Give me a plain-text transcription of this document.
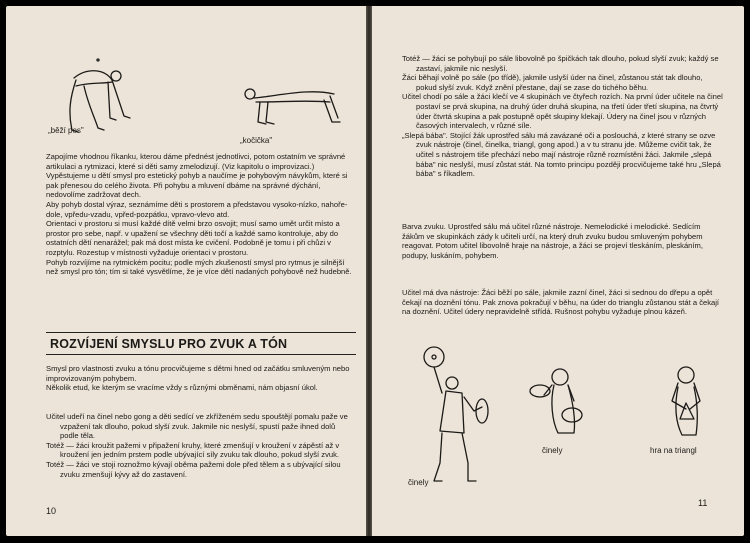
„běží pes"

„kočička"

Zapojíme vhodnou říkanku, kterou dáme přednést jednotlivci, potom ostatním ve správné artikulaci a rytmizaci, které si děti samy zmelodizují. (Viz kapitolu o improvizaci.)

Vypěstujeme u dětí smysl pro estetický pohyb a naučíme je pohybovým návykům, které si pak přenesou do celého života. Při pohybu a mluvení dbáme na správné dýchání, nedovolíme zadržovat dech.

Aby pohyb dostal výraz, seznámíme děti s prostorem a představou vysoko-nízko, nahoře-dole, vpředu-vzadu, vpřed-pozpátku, vpravo-vlevo atd.

Orientaci v prostoru si musí každé dítě velmi brzo osvojit; musí samo umět určit místo a prostor pro sebe, např. v upažení se všechny děti točí a každé samo kontroluje, aby do ostatních dětí nenarážel; pak má dost místa ke cvičení. Podobně je tomu i při chůzi v rozptylu. Rozestup v místnosti vyžaduje orientaci v prostoru.

Pohyb rozvíjíme na rytmickém pocitu; podle mých zkušeností smysl pro rytmus je silnější než smysl pro tón; tím si také vysvětlíme, že je více dětí nadaných pohybově než hudebně.

ROZVÍJENÍ SMYSLU PRO ZVUK A TÓN

Smysl pro vlastnosti zvuku a tónu procvičujeme s dětmi hned od začátku smluveným nebo improvizovaným pohybem.

Několik etud, ke kterým se vracíme vždy s různými obměnami, nám objasní úkol.

Učitel udeří na činel nebo gong a děti sedící ve zkříženém sedu spouštějí pomalu paže ve vzpažení tak dlouho, pokud slyší zvuk. Jakmile nic neslyší, spustí paže ihned dolů podle těla.

Totéž — žáci kroužit pažemi v připažení kruhy, které zmenšují v kroužení v zápěstí až v kroužení jen jedním prstem podle ubývající síly zvuku tak dlouho, pokud slyší zvuk.

Totéž — žáci ve stoji roznožmo kývají oběma pažemi dole před tělem a s ubývající silou zvuku zmenšují kývy až do zastavení.

10

Totéž — žáci se pohybují po sále libovolně po špičkách tak dlouho, pokud slyší zvuk; každý se zastaví, jakmile nic neslyší.

Žáci běhají volně po sále (po třídě), jakmile uslyší úder na činel, zůstanou stát tak dlouho, pokud slyší zvuk. Když znění přestane, dají se zase do tichého běhu.

Učitel chodí po sále a žáci klečí ve 4 skupinách ve čtyřech rozích. Na první úder učitele na činel postaví se prvá skupina, na druhý úder druhá skupina, na třetí úder třetí skupina, na čtvrtý úder čtvrtá skupina a pak postupně opět skupiny klekají. Údery na činel jsou v různých časových intervalech, v různé síle.

„Slepá bába". Stojící žák uprostřed sálu má zavázané oči a poslouchá, z které strany se ozve zvuk nástroje (činel, činelka, triangl, gong apod.) a v tu stranu jde. Můžeme cvičit tak, že učitel s nástrojem tiše přechází nebo mají nástroje různě rozmístěni žáci. Jakmile „slepá bába" nic neslyší, musí zůstat stát. Na tomto principu později procvičujeme také hru „Slepá bába" s říkadlem.

Barva zvuku. Uprostřed sálu má učitel různé nástroje. Nemelodické i melodické. Sedícím žákům ve skupinkách zády k učiteli určí, na který druh zvuku budou smluveným pohybem reagovat. Potom učitel libovolně hraje na nástroje, a žáci se projeví tleskáním, pleskáním, podupy, luskáním, pohybem.

Učitel má dva nástroje: Žáci běží po sále, jakmile zazní činel, žáci si sednou do dřepu a opět čekají na doznění tónu. Pak znova pokračují v běhu, na úder do trianglu zůstanou stát a čekají na doznění. Učitel údery nepravidelně střídá. Rušnost pohybu vyžaduje plnou kázeň.

činely

činely	hra na triangl

11
